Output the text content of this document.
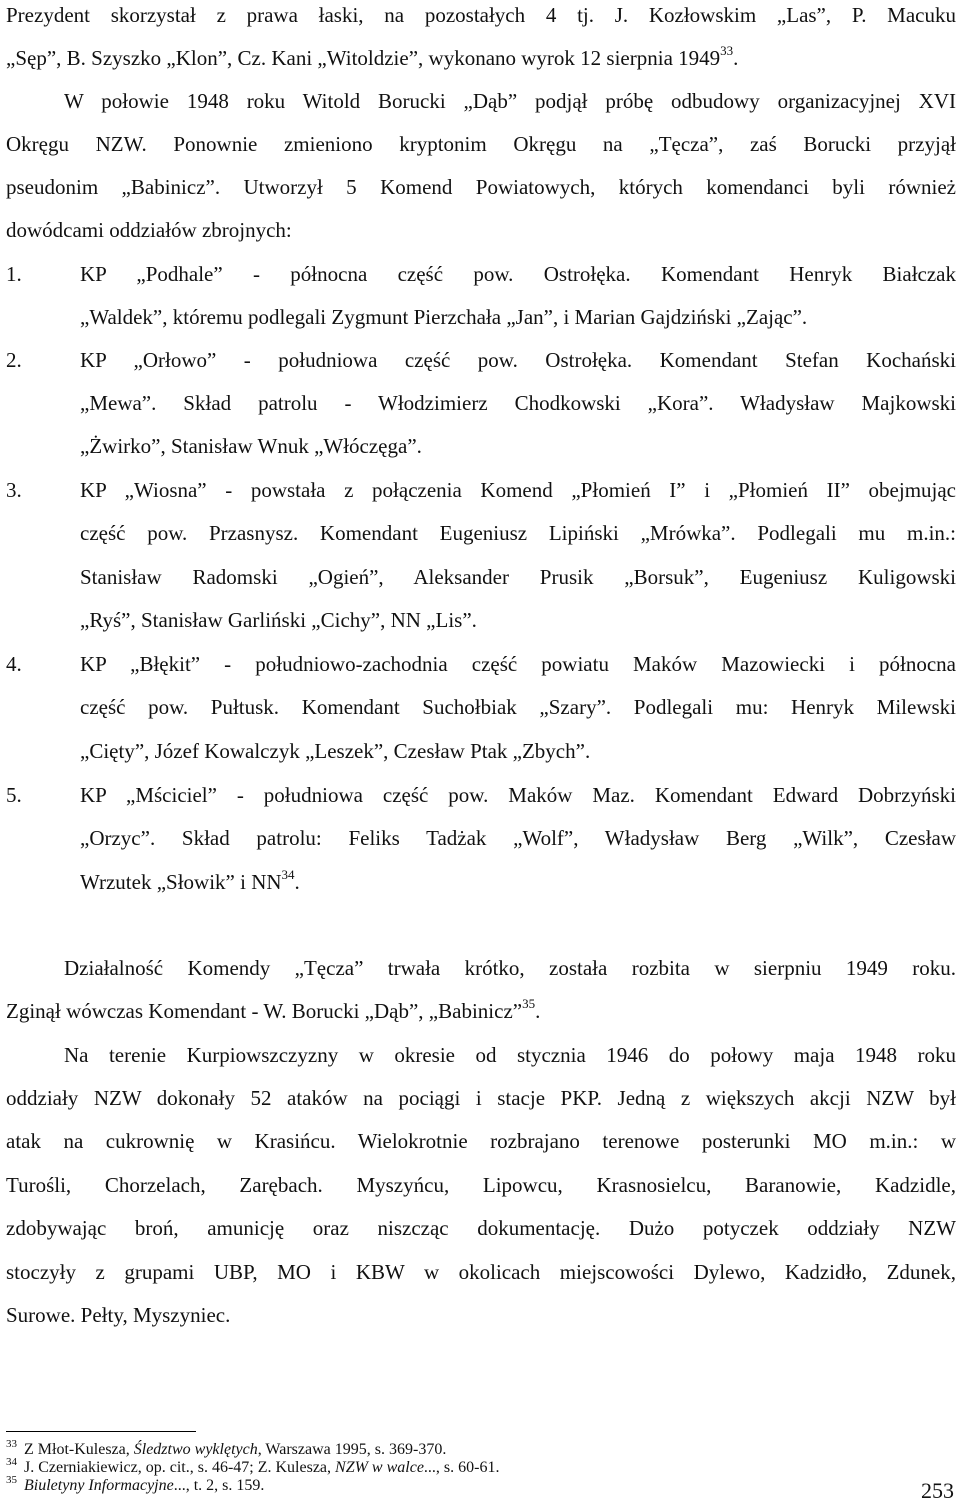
Prezydent skorzystał z prawa łaski, na pozostałych 4 tj. J. Kozłowskim „Las”, P. Macuku
„Sęp”, B. Szyszko „Klon”, Cz. Kani „Witoldzie”, wykonano wyrok 12 sierpnia 1949$^{33}$.
W połowie 1948 roku Witold Borucki „Dąb” podjął próbę odbudowy organizacyjnej XVI
Okręgu NZW. Ponownie zmieniono kryptonim Okręgu na „Tęcza”, zaś Borucki przyjął
pseudonim „Babinicz”. Utworzył 5 Komend Powiatowych, których komendanci byli również
dowódcami oddziałów zbrojnych:
1.	KP „Podhale” - północna część pow. Ostrołęka. Komendant Henryk Białczak
„Waldek”, któremu podlegali Zygmunt Pierzchała „Jan”, i Marian Gajdziński „Zając”.
2.	KP „Orłowo” - południowa część pow. Ostrołęka. Komendant Stefan Kochański
„Mewa”. Skład patrolu - Włodzimierz Chodkowski „Kora”. Władysław Majkowski
„Żwirko”, Stanisław Wnuk „Włóczęga”.
3.	KP „Wiosna” - powstała z połączenia Komend „Płomień I” i „Płomień II” obejmując
część pow. Przasnysz. Komendant Eugeniusz Lipiński „Mrówka”. Podlegali mu m.in.:
Stanisław Radomski „Ogień”, Aleksander Prusik „Borsuk”, Eugeniusz Kuligowski
„Ryś”, Stanisław Garliński „Cichy”, NN „Lis”.
4.	KP „Błękit” - południowo-zachodnia część powiatu Maków Mazowiecki i północna
część pow. Pułtusk. Komendant Suchołbiak „Szary”. Podlegali mu: Henryk Milewski
„Cięty”, Józef Kowalczyk „Leszek”, Czesław Ptak „Zbych”.
5.	KP „Mściciel” - południowa część pow. Maków Maz. Komendant Edward Dobrzyński
„Orzyc”. Skład patrolu: Feliks Tadżak „Wolf”, Władysław Berg „Wilk”, Czesław
Wrzutek „Słowik” i NN$^{34}$.
Działalność Komendy „Tęcza” trwała krótko, została rozbita w sierpniu 1949 roku.
Zginął wówczas Komendant - W. Borucki „Dąb”, „Babinicz”$^{35}$.
Na terenie Kurpiowszczyzny w okresie od stycznia 1946 do połowy maja 1948 roku
oddziały NZW dokonały 52 ataków na pociągi i stacje PKP. Jedną z większych akcji NZW był
atak na cukrownię w Krasińcu. Wielokrotnie rozbrajano terenowe posterunki MO m.in.: w
Turośli, Chorzelach, Zarębach. Myszyńcu, Lipowcu, Krasnosielcu, Baranowie, Kadzidle,
zdobywając broń, amunicję oraz niszcząc dokumentację. Dużo potyczek oddziały NZW
stoczyły z grupami UBP, MO i KBW w okolicach miejscowości Dylewo, Kadzidło, Zdunek,
Surowe. Pełty, Myszyniec.
$^{33}$ Z Młot-Kulesza, Śledztwo wyklętych, Warszawa 1995, s. 369-370.
$^{34}$ J. Czerniakiewicz, op. cit., s. 46-47; Z. Kulesza, NZW w walce..., s. 60-61.
$^{35}$ Biuletyny Informacyjne..., t. 2, s. 159.	253
